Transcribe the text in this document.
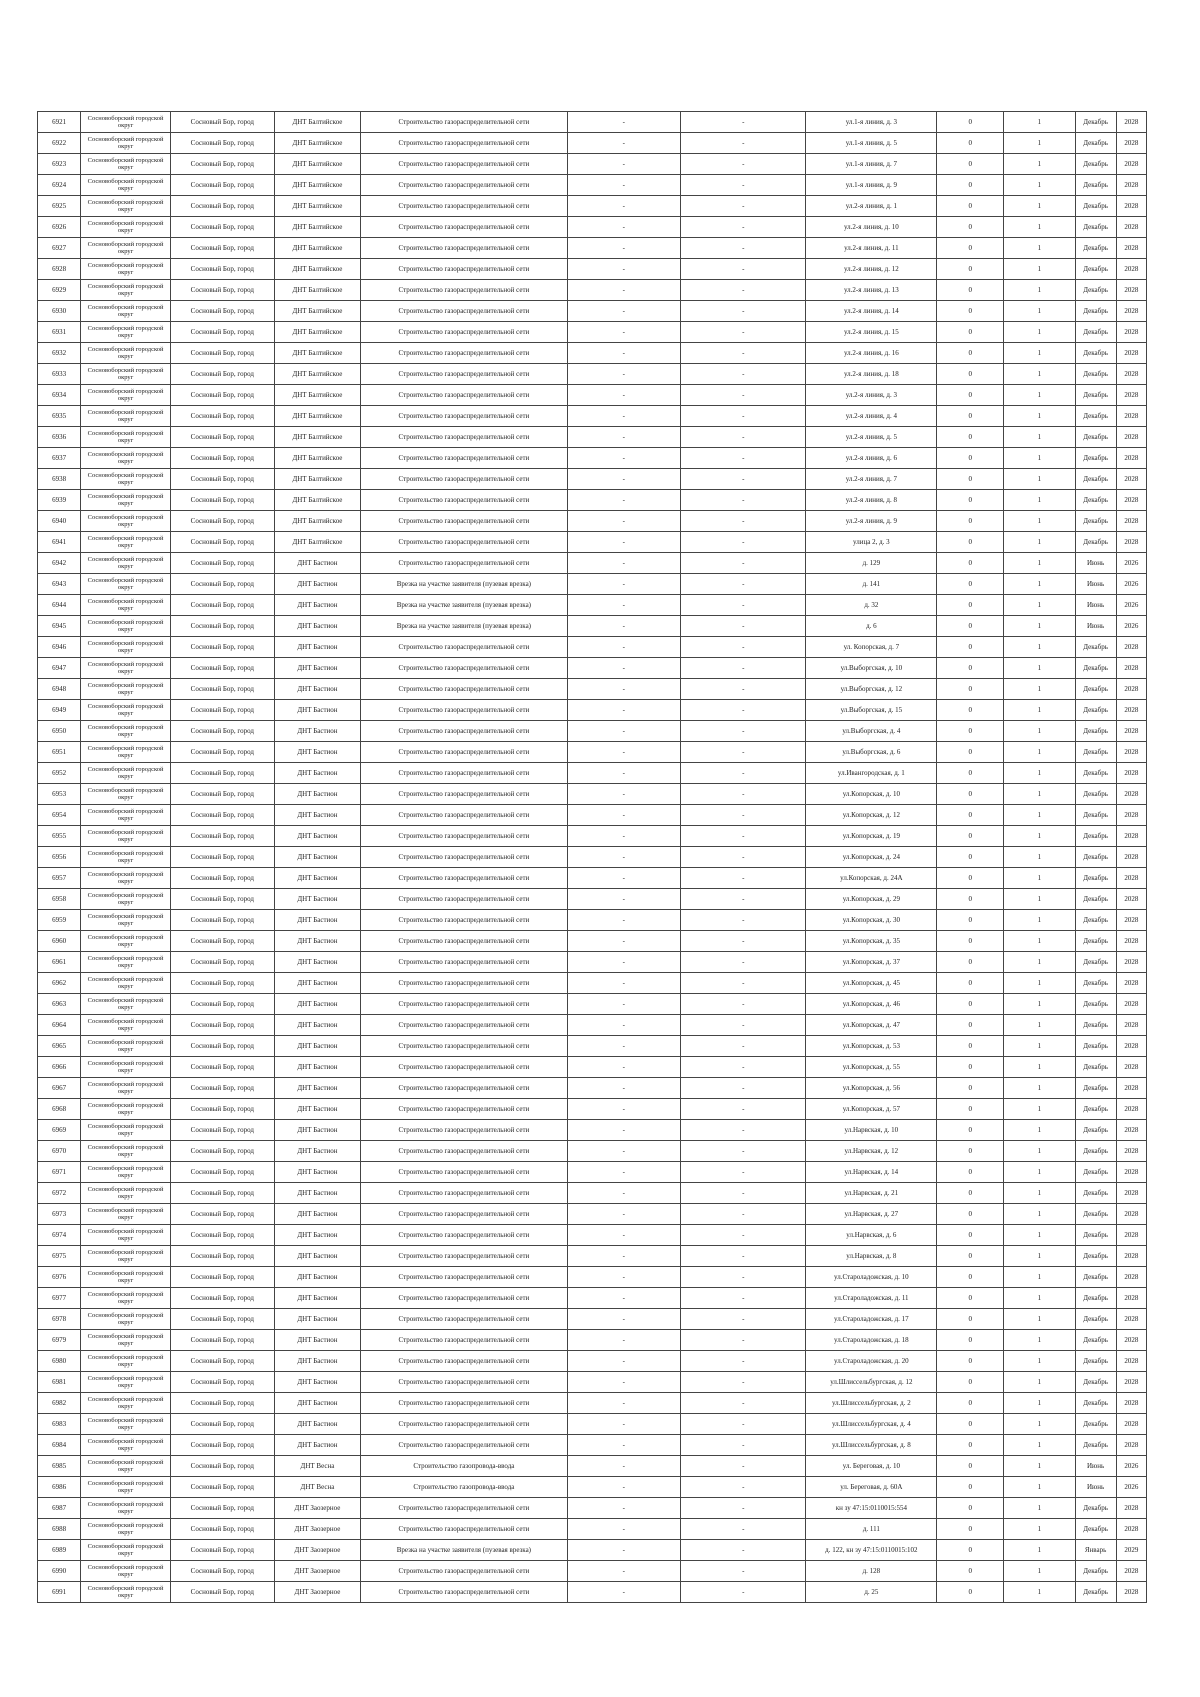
6921	Сосновоборский городской округ	Сосновый Бор, город	ДНТ Балтийское	Строительство газораспределительной сети	-	-	ул.1-я линия, д. 3	0	1	Декабрь	2028
6922	Сосновоборский городской округ	Сосновый Бор, город	ДНТ Балтийское	Строительство газораспределительной сети	-	-	ул.1-я линия, д. 5	0	1	Декабрь	2028
6923	Сосновоборский городской округ	Сосновый Бор, город	ДНТ Балтийское	Строительство газораспределительной сети	-	-	ул.1-я линия, д. 7	0	1	Декабрь	2028
6924	Сосновоборский городской округ	Сосновый Бор, город	ДНТ Балтийское	Строительство газораспределительной сети	-	-	ул.1-я линия, д. 9	0	1	Декабрь	2028
6925	Сосновоборский городской округ	Сосновый Бор, город	ДНТ Балтийское	Строительство газораспределительной сети	-	-	ул.2-я линия, д. 1	0	1	Декабрь	2028
6926	Сосновоборский городской округ	Сосновый Бор, город	ДНТ Балтийское	Строительство газораспределительной сети	-	-	ул.2-я линия, д. 10	0	1	Декабрь	2028
6927	Сосновоборский городской округ	Сосновый Бор, город	ДНТ Балтийское	Строительство газораспределительной сети	-	-	ул.2-я линия, д. 11	0	1	Декабрь	2028
6928	Сосновоборский городской округ	Сосновый Бор, город	ДНТ Балтийское	Строительство газораспределительной сети	-	-	ул.2-я линия, д. 12	0	1	Декабрь	2028
6929	Сосновоборский городской округ	Сосновый Бор, город	ДНТ Балтийское	Строительство газораспределительной сети	-	-	ул.2-я линия, д. 13	0	1	Декабрь	2028
6930	Сосновоборский городской округ	Сосновый Бор, город	ДНТ Балтийское	Строительство газораспределительной сети	-	-	ул.2-я линия, д. 14	0	1	Декабрь	2028
6931	Сосновоборский городской округ	Сосновый Бор, город	ДНТ Балтийское	Строительство газораспределительной сети	-	-	ул.2-я линия, д. 15	0	1	Декабрь	2028
6932	Сосновоборский городской округ	Сосновый Бор, город	ДНТ Балтийское	Строительство газораспределительной сети	-	-	ул.2-я линия, д. 16	0	1	Декабрь	2028
6933	Сосновоборский городской округ	Сосновый Бор, город	ДНТ Балтийское	Строительство газораспределительной сети	-	-	ул.2-я линия, д. 18	0	1	Декабрь	2028
6934	Сосновоборский городской округ	Сосновый Бор, город	ДНТ Балтийское	Строительство газораспределительной сети	-	-	ул.2-я линия, д. 3	0	1	Декабрь	2028
6935	Сосновоборский городской округ	Сосновый Бор, город	ДНТ Балтийское	Строительство газораспределительной сети	-	-	ул.2-я линия, д. 4	0	1	Декабрь	2028
6936	Сосновоборский городской округ	Сосновый Бор, город	ДНТ Балтийское	Строительство газораспределительной сети	-	-	ул.2-я линия, д. 5	0	1	Декабрь	2028
6937	Сосновоборский городской округ	Сосновый Бор, город	ДНТ Балтийское	Строительство газораспределительной сети	-	-	ул.2-я линия, д. 6	0	1	Декабрь	2028
6938	Сосновоборский городской округ	Сосновый Бор, город	ДНТ Балтийское	Строительство газораспределительной сети	-	-	ул.2-я линия, д. 7	0	1	Декабрь	2028
6939	Сосновоборский городской округ	Сосновый Бор, город	ДНТ Балтийское	Строительство газораспределительной сети	-	-	ул.2-я линия, д. 8	0	1	Декабрь	2028
6940	Сосновоборский городской округ	Сосновый Бор, город	ДНТ Балтийское	Строительство газораспределительной сети	-	-	ул.2-я линия, д. 9	0	1	Декабрь	2028
6941	Сосновоборский городской округ	Сосновый Бор, город	ДНТ Балтийское	Строительство газораспределительной сети	-	-	улица 2, д. 3	0	1	Декабрь	2028
6942	Сосновоборский городской округ	Сосновый Бор, город	ДНТ Бастион	Строительство газораспределительной сети	-	-	д. 129	0	1	Июнь	2026
6943	Сосновоборский городской округ	Сосновый Бор, город	ДНТ Бастион	Врезка на участке заявителя (пузевая врезка)	-	-	д. 141	0	1	Июнь	2026
6944	Сосновоборский городской округ	Сосновый Бор, город	ДНТ Бастион	Врезка на участке заявителя (пузевая врезка)	-	-	д. 32	0	1	Июнь	2026
6945	Сосновоборский городской округ	Сосновый Бор, город	ДНТ Бастион	Врезка на участке заявителя (пузевая врезка)	-	-	д. 6	0	1	Июнь	2026
6946	Сосновоборский городской округ	Сосновый Бор, город	ДНТ Бастион	Строительство газораспределительной сети	-	-	ул. Копорская, д. 7	0	1	Декабрь	2028
6947	Сосновоборский городской округ	Сосновый Бор, город	ДНТ Бастион	Строительство газораспределительной сети	-	-	ул.Выборгская, д. 10	0	1	Декабрь	2028
6948	Сосновоборский городской округ	Сосновый Бор, город	ДНТ Бастион	Строительство газораспределительной сети	-	-	ул.Выборгская, д. 12	0	1	Декабрь	2028
6949	Сосновоборский городской округ	Сосновый Бор, город	ДНТ Бастион	Строительство газораспределительной сети	-	-	ул.Выборгская, д. 15	0	1	Декабрь	2028
6950	Сосновоборский городской округ	Сосновый Бор, город	ДНТ Бастион	Строительство газораспределительной сети	-	-	ул.Выборгская, д. 4	0	1	Декабрь	2028
6951	Сосновоборский городской округ	Сосновый Бор, город	ДНТ Бастион	Строительство газораспределительной сети	-	-	ул.Выборгская, д. 6	0	1	Декабрь	2028
6952	Сосновоборский городской округ	Сосновый Бор, город	ДНТ Бастион	Строительство газораспределительной сети	-	-	ул.Ивангородская, д. 1	0	1	Декабрь	2028
6953	Сосновоборский городской округ	Сосновый Бор, город	ДНТ Бастион	Строительство газораспределительной сети	-	-	ул.Копорская, д. 10	0	1	Декабрь	2028
6954	Сосновоборский городской округ	Сосновый Бор, город	ДНТ Бастион	Строительство газораспределительной сети	-	-	ул.Копорская, д. 12	0	1	Декабрь	2028
6955	Сосновоборский городской округ	Сосновый Бор, город	ДНТ Бастион	Строительство газораспределительной сети	-	-	ул.Копорская, д. 19	0	1	Декабрь	2028
6956	Сосновоборский городской округ	Сосновый Бор, город	ДНТ Бастион	Строительство газораспределительной сети	-	-	ул.Копорская, д. 24	0	1	Декабрь	2028
6957	Сосновоборский городской округ	Сосновый Бор, город	ДНТ Бастион	Строительство газораспределительной сети	-	-	ул.Копорская, д. 24А	0	1	Декабрь	2028
6958	Сосновоборский городской округ	Сосновый Бор, город	ДНТ Бастион	Строительство газораспределительной сети	-	-	ул.Копорская, д. 29	0	1	Декабрь	2028
6959	Сосновоборский городской округ	Сосновый Бор, город	ДНТ Бастион	Строительство газораспределительной сети	-	-	ул.Копорская, д. 30	0	1	Декабрь	2028
6960	Сосновоборский городской округ	Сосновый Бор, город	ДНТ Бастион	Строительство газораспределительной сети	-	-	ул.Копорская, д. 35	0	1	Декабрь	2028
6961	Сосновоборский городской округ	Сосновый Бор, город	ДНТ Бастион	Строительство газораспределительной сети	-	-	ул.Копорская, д. 37	0	1	Декабрь	2028
6962	Сосновоборский городской округ	Сосновый Бор, город	ДНТ Бастион	Строительство газораспределительной сети	-	-	ул.Копорская, д. 45	0	1	Декабрь	2028
6963	Сосновоборский городской округ	Сосновый Бор, город	ДНТ Бастион	Строительство газораспределительной сети	-	-	ул.Копорская, д. 46	0	1	Декабрь	2028
6964	Сосновоборский городской округ	Сосновый Бор, город	ДНТ Бастион	Строительство газораспределительной сети	-	-	ул.Копорская, д. 47	0	1	Декабрь	2028
6965	Сосновоборский городской округ	Сосновый Бор, город	ДНТ Бастион	Строительство газораспределительной сети	-	-	ул.Копорская, д. 53	0	1	Декабрь	2028
6966	Сосновоборский городской округ	Сосновый Бор, город	ДНТ Бастион	Строительство газораспределительной сети	-	-	ул.Копорская, д. 55	0	1	Декабрь	2028
6967	Сосновоборский городской округ	Сосновый Бор, город	ДНТ Бастион	Строительство газораспределительной сети	-	-	ул.Копорская, д. 56	0	1	Декабрь	2028
6968	Сосновоборский городской округ	Сосновый Бор, город	ДНТ Бастион	Строительство газораспределительной сети	-	-	ул.Копорская, д. 57	0	1	Декабрь	2028
6969	Сосновоборский городской округ	Сосновый Бор, город	ДНТ Бастион	Строительство газораспределительной сети	-	-	ул.Нарвская, д. 10	0	1	Декабрь	2028
6970	Сосновоборский городской округ	Сосновый Бор, город	ДНТ Бастион	Строительство газораспределительной сети	-	-	ул.Нарвская, д. 12	0	1	Декабрь	2028
6971	Сосновоборский городской округ	Сосновый Бор, город	ДНТ Бастион	Строительство газораспределительной сети	-	-	ул.Нарвская, д. 14	0	1	Декабрь	2028
6972	Сосновоборский городской округ	Сосновый Бор, город	ДНТ Бастион	Строительство газораспределительной сети	-	-	ул.Нарвская, д. 21	0	1	Декабрь	2028
6973	Сосновоборский городской округ	Сосновый Бор, город	ДНТ Бастион	Строительство газораспределительной сети	-	-	ул.Нарвская, д. 27	0	1	Декабрь	2028
6974	Сосновоборский городской округ	Сосновый Бор, город	ДНТ Бастион	Строительство газораспределительной сети	-	-	ул.Нарвская, д. 6	0	1	Декабрь	2028
6975	Сосновоборский городской округ	Сосновый Бор, город	ДНТ Бастион	Строительство газораспределительной сети	-	-	ул.Нарвская, д. 8	0	1	Декабрь	2028
6976	Сосновоборский городской округ	Сосновый Бор, город	ДНТ Бастион	Строительство газораспределительной сети	-	-	ул.Староладожская, д. 10	0	1	Декабрь	2028
6977	Сосновоборский городской округ	Сосновый Бор, город	ДНТ Бастион	Строительство газораспределительной сети	-	-	ул.Староладожская, д. 11	0	1	Декабрь	2028
6978	Сосновоборский городской округ	Сосновый Бор, город	ДНТ Бастион	Строительство газораспределительной сети	-	-	ул.Староладожская, д. 17	0	1	Декабрь	2028
6979	Сосновоборский городской округ	Сосновый Бор, город	ДНТ Бастион	Строительство газораспределительной сети	-	-	ул.Староладожская, д. 18	0	1	Декабрь	2028
6980	Сосновоборский городской округ	Сосновый Бор, город	ДНТ Бастион	Строительство газораспределительной сети	-	-	ул.Староладожская, д. 20	0	1	Декабрь	2028
6981	Сосновоборский городской округ	Сосновый Бор, город	ДНТ Бастион	Строительство газораспределительной сети	-	-	ул.Шлиссельбургская, д. 12	0	1	Декабрь	2028
6982	Сосновоборский городской округ	Сосновый Бор, город	ДНТ Бастион	Строительство газораспределительной сети	-	-	ул.Шлиссельбургская, д. 2	0	1	Декабрь	2028
6983	Сосновоборский городской округ	Сосновый Бор, город	ДНТ Бастион	Строительство газораспределительной сети	-	-	ул.Шлиссельбургская, д. 4	0	1	Декабрь	2028
6984	Сосновоборский городской округ	Сосновый Бор, город	ДНТ Бастион	Строительство газораспределительной сети	-	-	ул.Шлиссельбургская, д. 8	0	1	Декабрь	2028
6985	Сосновоборский городской округ	Сосновый Бор, город	ДНТ Весна	Строительство газопровода-ввода	-	-	ул. Береговая, д. 10	0	1	Июнь	2026
6986	Сосновоборский городской округ	Сосновый Бор, город	ДНТ Весна	Строительство газопровода-ввода	-	-	ул. Береговая, д. 60А	0	1	Июнь	2026
6987	Сосновоборский городской округ	Сосновый Бор, город	ДНТ Заозерное	Строительство газораспределительной сети	-	-	кн зу 47:15:0110015:554	0	1	Декабрь	2028
6988	Сосновоборский городской округ	Сосновый Бор, город	ДНТ Заозерное	Строительство газораспределительной сети	-	-	д. 111	0	1	Декабрь	2028
6989	Сосновоборский городской округ	Сосновый Бор, город	ДНТ Заозерное	Врезка на участке заявителя (пузевая врезка)	-	-	д. 122, кн зу 47:15:0110015:102	0	1	Январь	2029
6990	Сосновоборский городской округ	Сосновый Бор, город	ДНТ Заозерное	Строительство газораспределительной сети	-	-	д. 128	0	1	Декабрь	2028
6991	Сосновоборский городской округ	Сосновый Бор, город	ДНТ Заозерное	Строительство газораспределительной сети	-	-	д. 25	0	1	Декабрь	2028
